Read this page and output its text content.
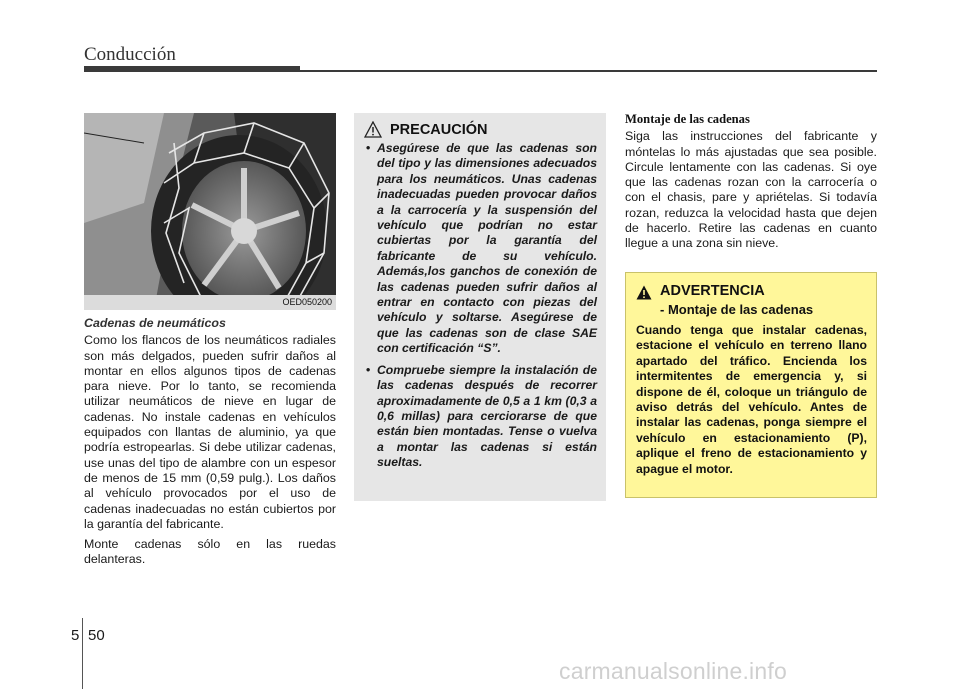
Conducción
OED050200
Cadenas de neumáticos

Como los flancos de los neumáticos radiales son más delgados, pueden sufrir daños al montar en ellos algunos tipos de cadenas para nieve. Por lo tanto, se recomienda utilizar neumáticos de nieve en lugar de cadenas. No instale cadenas en vehículos equipados con llantas de aluminio, ya que podría estropearlas. Si debe utilizar cadenas, use unas del tipo de alambre con un espesor de menos de 15 mm (0,59 pulg.). Los daños al vehículo provocados por el uso de cadenas inadecuadas no están cubiertos por la garantía del fabricante.

Monte cadenas sólo en las ruedas delanteras.

PRECAUCIÓN
• Asegúrese de que las cadenas son del tipo y las dimensiones adecuados para los neumáticos. Unas cadenas inadecuadas pueden provocar daños a la carrocería y la suspensión del vehículo que podrían no estar cubiertas por la garantía del fabricante de su vehículo. Además,los ganchos de conexión de las cadenas pueden sufrir daños al entrar en contacto con piezas del vehículo y soltarse. Asegúrese de que las cadenas son de clase SAE con certificación “S”.
• Compruebe siempre la instalación de las cadenas después de recorrer aproximadamente de 0,5 a 1 km (0,3 a 0,6 millas) para cerciorarse de que están bien montadas. Tense o vuelva a montar las cadenas si están sueltas.
Montaje de las cadenas

Siga las instrucciones del fabricante y móntelas lo más ajustadas que sea posible. Circule lentamente con las cadenas. Si oye que las cadenas rozan con la carrocería o con el chasis, pare y apriételas. Si todavía rozan, reduzca la velocidad hasta que dejen de hacerlo. Retire las cadenas en cuanto llegue a una zona sin nieve.

ADVERTENCIA
- Montaje de las cadenas

Cuando tenga que instalar cadenas, estacione el vehículo en terreno llano apartado del tráfico. Encienda los intermitentes de emergencia y, si dispone de él, coloque un triángulo de aviso detrás del vehículo. Antes de instalar las cadenas, ponga siempre el vehículo en estacionamiento (P), aplique el freno de estacionamiento y apague el motor.

5 50
carmanualsonline.info
